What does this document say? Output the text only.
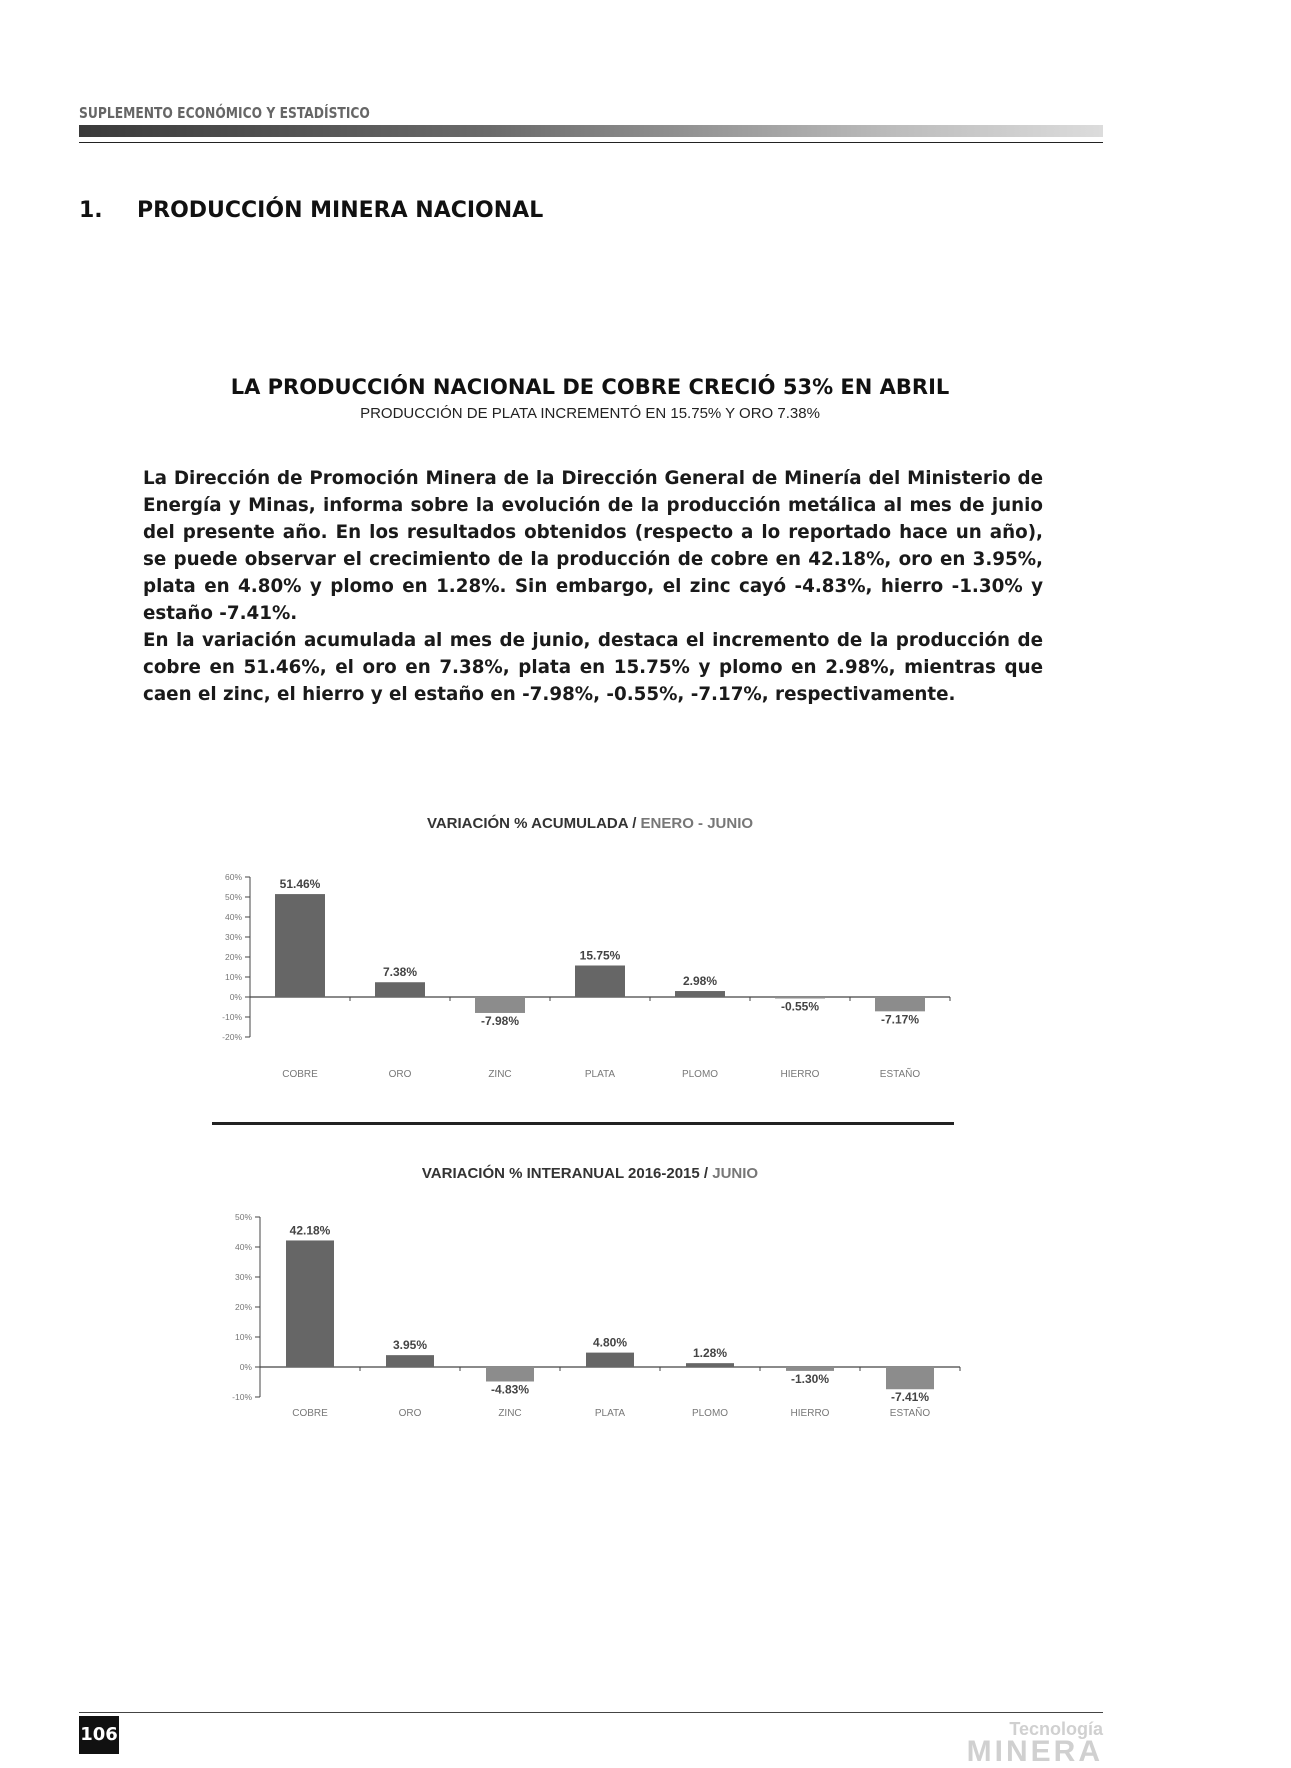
SUPLEMENTO ECONÓMICO Y ESTADÍSTICO
1. PRODUCCIÓN MINERA NACIONAL
LA PRODUCCIÓN NACIONAL DE COBRE CRECIÓ 53% EN ABRIL
PRODUCCIÓN DE PLATA INCREMENTÓ EN 15.75% Y ORO 7.38%

La Dirección de Promoción Minera de la Dirección General de Minería del Ministerio de Energía y Minas, informa sobre la evolución de la producción metálica al mes de junio del presente año. En los resultados obtenidos (respecto a lo reportado hace un año), se puede observar el crecimiento de la producción de cobre en 42.18%, oro en 3.95%, plata en 4.80% y plomo en 1.28%. Sin embargo, el zinc cayó -4.83%, hierro -1.30% y estaño -7.41%.

En la variación acumulada al mes de junio, destaca el incremento de la producción de cobre en 51.46%, el oro en 7.38%, plata en 15.75% y plomo en 2.98%, mientras que caen el zinc, el hierro y el estaño en -7.98%, -0.55%, -7.17%, respectivamente.

VARIACIÓN % ACUMULADA / ENERO - JUNIO
60%
50%
40%
30%
20%
10%
0%
-10%
-20%
51.46%
COBRE
7.38%
ORO
-7.98%
ZINC
15.75%
PLATA
2.98%
PLOMO
-0.55%
HIERRO
-7.17%
ESTAÑO
VARIACIÓN % INTERANUAL 2016-2015 / JUNIO
50%
40%
30%
20%
10%
0%
-10%
42.18%
COBRE
3.95%
ORO
-4.83%
ZINC
4.80%
PLATA
1.28%
PLOMO
-1.30%
HIERRO
-7.41%
ESTAÑO
106	Tecnología
MINERA
